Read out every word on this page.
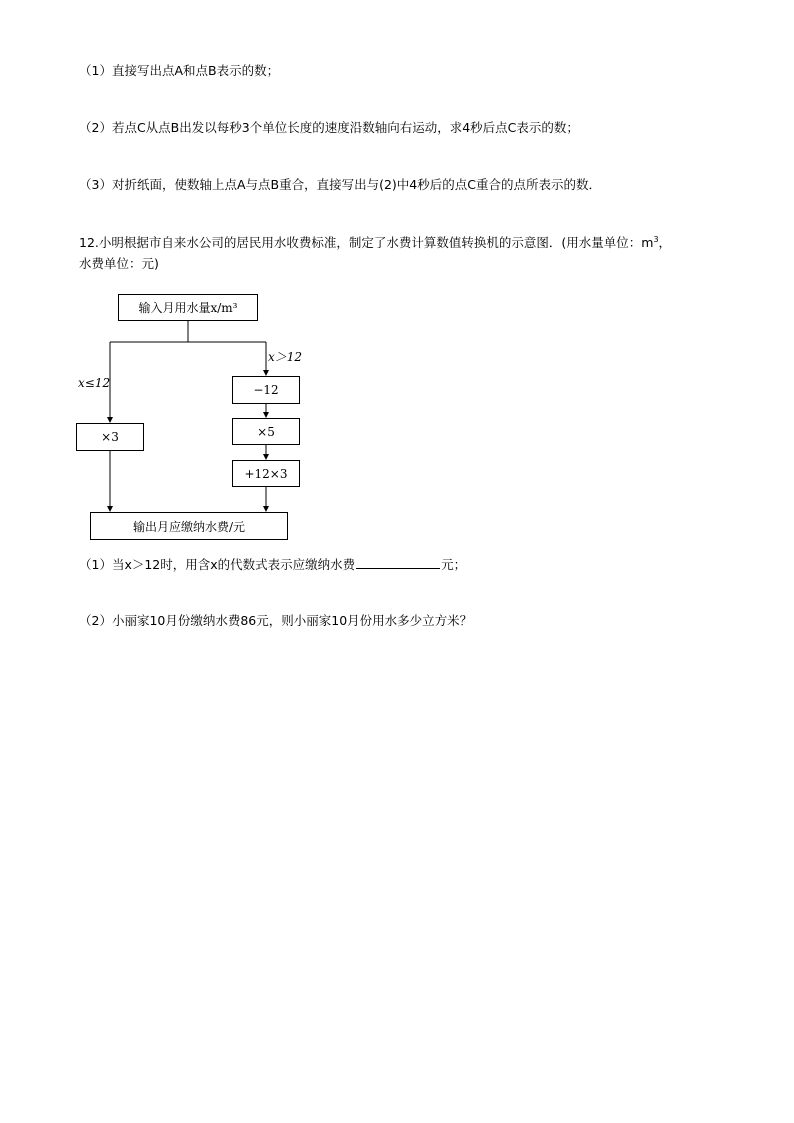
（1）直接写出点A和点B表示的数；
（2）若点C从点B出发以每秒3个单位长度的速度沿数轴向右运动，求4秒后点C表示的数；
（3）对折纸面，使数轴上点A与点B重合，直接写出与(2)中4秒后的点C重合的点所表示的数．
12.小明根据市自来水公司的居民用水收费标准，制定了水费计算数值转换机的示意图．(用水量单位：$m^3$，
水费单位：元)
输入月用水量x/m³
x＞12
x≤12	−12
×5
×3
+12×3
输出月应缴纳水费/元
（1）当x＞12时，用含x的代数式表示应缴纳水费	元；
（2）小丽家10月份缴纳水费86元，则小丽家10月份用水多少立方米？
